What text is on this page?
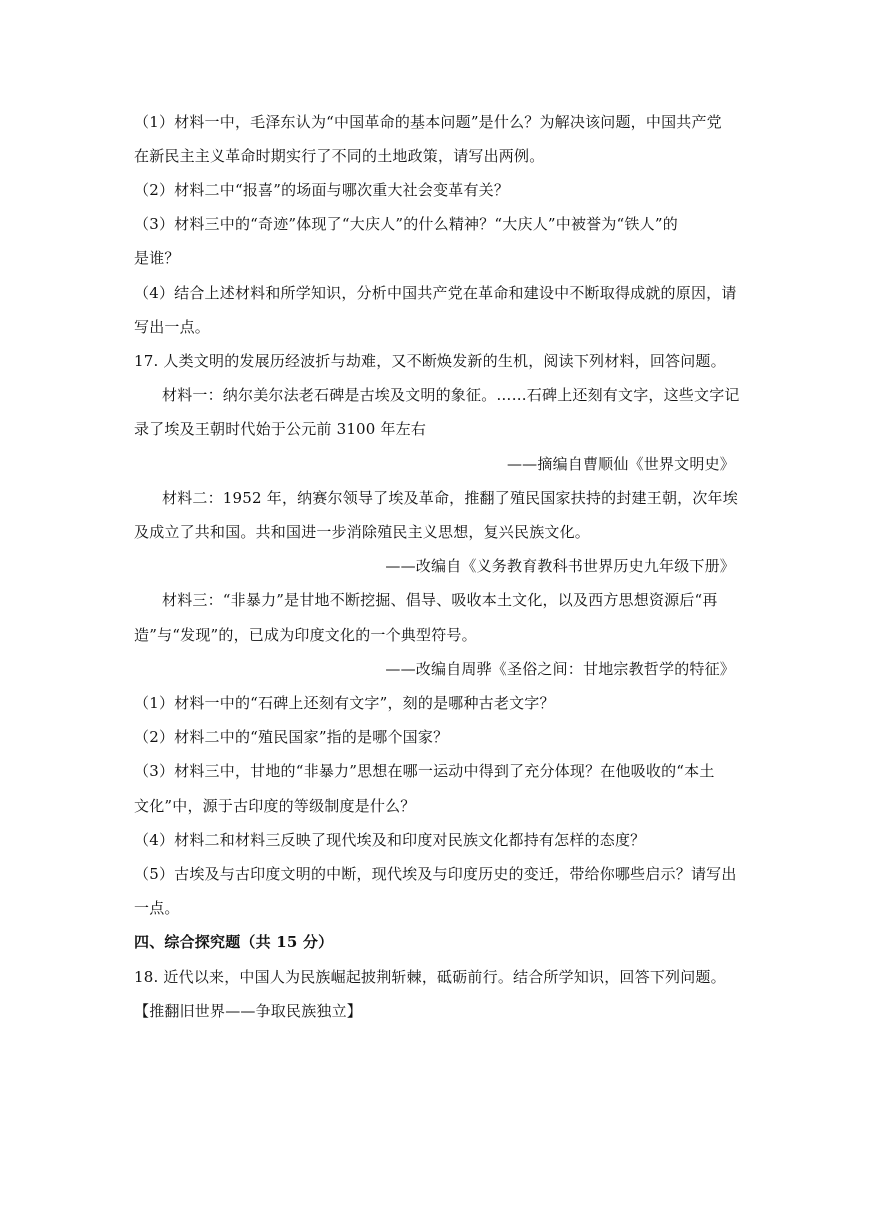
（1）材料一中，毛泽东认为“中国革命的基本问题”是什么？为解决该问题，中国共产党
在新民主主义革命时期实行了不同的土地政策，请写出两例。
（2）材料二中“报喜”的场面与哪次重大社会变革有关？
（3）材料三中的“奇迹”体现了“大庆人”的什么精神？“大庆人”中被誉为“铁人”的
是谁？
（4）结合上述材料和所学知识，分析中国共产党在革命和建设中不断取得成就的原因，请
写出一点。
17. 人类文明的发展历经波折与劫难，又不断焕发新的生机，阅读下列材料，回答问题。
材料一：纳尔美尔法老石碑是古埃及文明的象征。……石碑上还刻有文字，这些文字记
录了埃及王朝时代始于公元前 3100 年左右
——摘编自曹顺仙《世界文明史》
材料二：1952 年，纳赛尔领导了埃及革命，推翻了殖民国家扶持的封建王朝，次年埃
及成立了共和国。共和国进一步消除殖民主义思想，复兴民族文化。
——改编自《义务教育教科书世界历史九年级下册》
材料三：“非暴力”是甘地不断挖掘、倡导、吸收本土文化，以及西方思想资源后“再
造”与“发现”的，已成为印度文化的一个典型符号。
——改编自周骅《圣俗之间：甘地宗教哲学的特征》
（1）材料一中的“石碑上还刻有文字”，刻的是哪种古老文字？
（2）材料二中的“殖民国家”指的是哪个国家？
（3）材料三中，甘地的“非暴力”思想在哪一运动中得到了充分体现？在他吸收的“本土
文化”中，源于古印度的等级制度是什么？
（4）材料二和材料三反映了现代埃及和印度对民族文化都持有怎样的态度？
（5）古埃及与古印度文明的中断，现代埃及与印度历史的变迁，带给你哪些启示？请写出
一点。
四、综合探究题（共 15 分）
18. 近代以来，中国人为民族崛起披荆斩棘，砥砺前行。结合所学知识，回答下列问题。
【推翻旧世界——争取民族独立】
